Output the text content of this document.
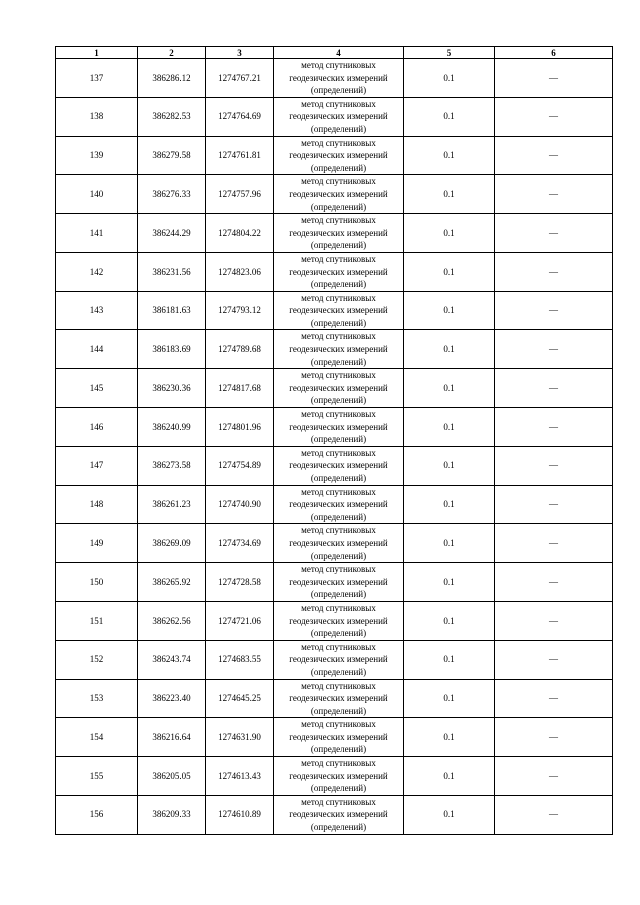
1	2	3	4	5	6
137	386286.12	1274767.21	метод спутниковых
геодезических измерений
(определений)	0.1	—
138	386282.53	1274764.69	метод спутниковых
геодезических измерений
(определений)	0.1	—
139	386279.58	1274761.81	метод спутниковых
геодезических измерений
(определений)	0.1	—
140	386276.33	1274757.96	метод спутниковых
геодезических измерений
(определений)	0.1	—
141	386244.29	1274804.22	метод спутниковых
геодезических измерений
(определений)	0.1	—
142	386231.56	1274823.06	метод спутниковых
геодезических измерений
(определений)	0.1	—
143	386181.63	1274793.12	метод спутниковых
геодезических измерений
(определений)	0.1	—
144	386183.69	1274789.68	метод спутниковых
геодезических измерений
(определений)	0.1	—
145	386230.36	1274817.68	метод спутниковых
геодезических измерений
(определений)	0.1	—
146	386240.99	1274801.96	метод спутниковых
геодезических измерений
(определений)	0.1	—
147	386273.58	1274754.89	метод спутниковых
геодезических измерений
(определений)	0.1	—
148	386261.23	1274740.90	метод спутниковых
геодезических измерений
(определений)	0.1	—
149	386269.09	1274734.69	метод спутниковых
геодезических измерений
(определений)	0.1	—
150	386265.92	1274728.58	метод спутниковых
геодезических измерений
(определений)	0.1	—
151	386262.56	1274721.06	метод спутниковых
геодезических измерений
(определений)	0.1	—
152	386243.74	1274683.55	метод спутниковых
геодезических измерений
(определений)	0.1	—
153	386223.40	1274645.25	метод спутниковых
геодезических измерений
(определений)	0.1	—
154	386216.64	1274631.90	метод спутниковых
геодезических измерений
(определений)	0.1	—
155	386205.05	1274613.43	метод спутниковых
геодезических измерений
(определений)	0.1	—
156	386209.33	1274610.89	метод спутниковых
геодезических измерений
(определений)	0.1	—
